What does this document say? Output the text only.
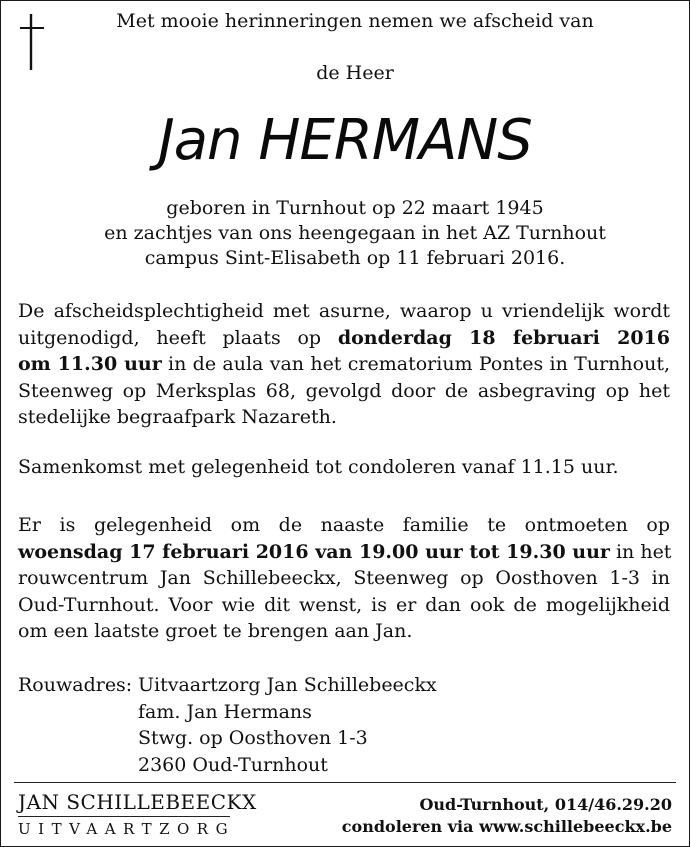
Met mooie herinneringen nemen we afscheid van
de Heer
Jan HERMANS
geboren in Turnhout op 22 maart 1945
en zachtjes van ons heengegaan in het AZ Turnhout
campus Sint-Elisabeth op 11 februari 2016.
De afscheidsplechtigheid met asurne, waarop u vriendelijk wordt
uitgenodigd, heeft plaats op donderdag 18 februari 2016
om 11.30 uur in de aula van het crematorium Pontes in Turnhout,
Steenweg op Merksplas 68, gevolgd door de asbegraving op het
stedelijke begraafpark Nazareth.
Samenkomst met gelegenheid tot condoleren vanaf 11.15 uur.
Er is gelegenheid om de naaste familie te ontmoeten op
woensdag 17 februari 2016 van 19.00 uur tot 19.30 uur in het
rouwcentrum Jan Schillebeeckx, Steenweg op Oosthoven 1-3 in
Oud-Turnhout. Voor wie dit wenst, is er dan ook de mogelijkheid
om een laatste groet te brengen aan Jan.
Rouwadres: Uitvaartzorg Jan Schillebeeckx
fam. Jan Hermans
Stwg. op Oosthoven 1-3
2360 Oud-Turnhout
JAN SCHILLEBEECKX
UITVAARTZORG
Oud-Turnhout, 014/46.29.20
condoleren via www.schillebeeckx.be
